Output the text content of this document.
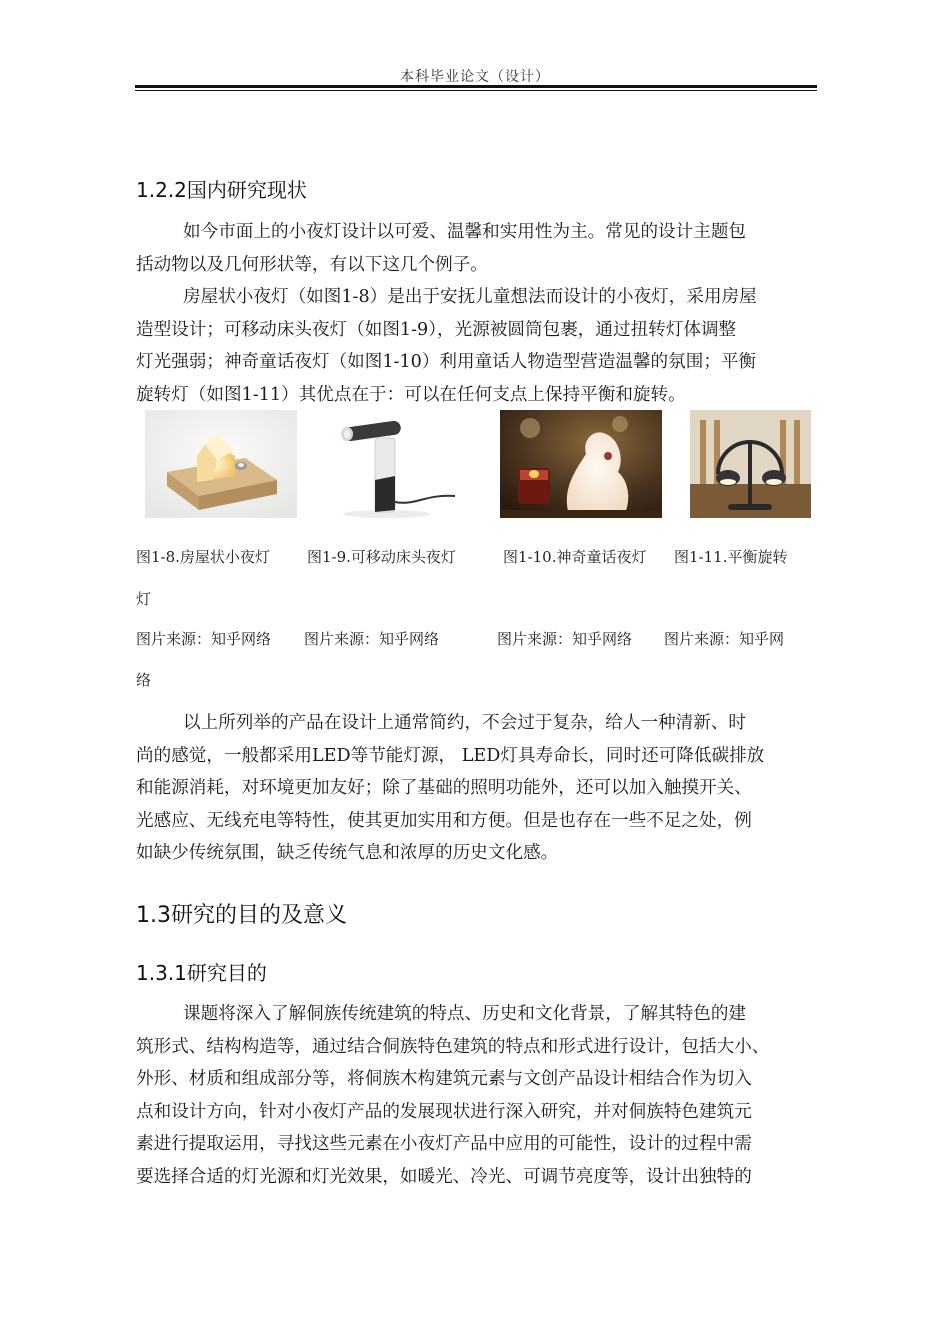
本科毕业论文（设计）
1.2.2国内研究现状
如今市面上的小夜灯设计以可爱、温馨和实用性为主。常见的设计主题包
括动物以及几何形状等，有以下这几个例子。
房屋状小夜灯（如图1-8）是出于安抚儿童想法而设计的小夜灯，采用房屋
造型设计；可移动床头夜灯（如图1-9），光源被圆筒包裹，通过扭转灯体调整
灯光强弱；神奇童话夜灯（如图1-10）利用童话人物造型营造温馨的氛围；平衡
旋转灯（如图1-11）其优点在于：可以在任何支点上保持平衡和旋转。
图1-8.房屋状小夜灯 图1-9.可移动床头夜灯	图1-10.神奇童话夜灯 图1-11.平衡旋转
灯
图片来源：知乎网络 图片来源：知乎网络	图片来源：知乎网络 图片来源：知乎网
络
以上所列举的产品在设计上通常简约，不会过于复杂，给人一种清新、时
尚的感觉，一般都采用LED等节能灯源， LED灯具寿命长，同时还可降低碳排放
和能源消耗，对环境更加友好；除了基础的照明功能外，还可以加入触摸开关、
光感应、无线充电等特性，使其更加实用和方便。但是也存在一些不足之处，例
如缺少传统氛围，缺乏传统气息和浓厚的历史文化感。
1.3研究的目的及意义
1.3.1研究目的
课题将深入了解侗族传统建筑的特点、历史和文化背景，了解其特色的建
筑形式、结构构造等，通过结合侗族特色建筑的特点和形式进行设计，包括大小、
外形、材质和组成部分等，将侗族木构建筑元素与文创产品设计相结合作为切入
点和设计方向，针对小夜灯产品的发展现状进行深入研究，并对侗族特色建筑元
素进行提取运用，寻找这些元素在小夜灯产品中应用的可能性，设计的过程中需
要选择合适的灯光源和灯光效果，如暖光、冷光、可调节亮度等，设计出独特的
